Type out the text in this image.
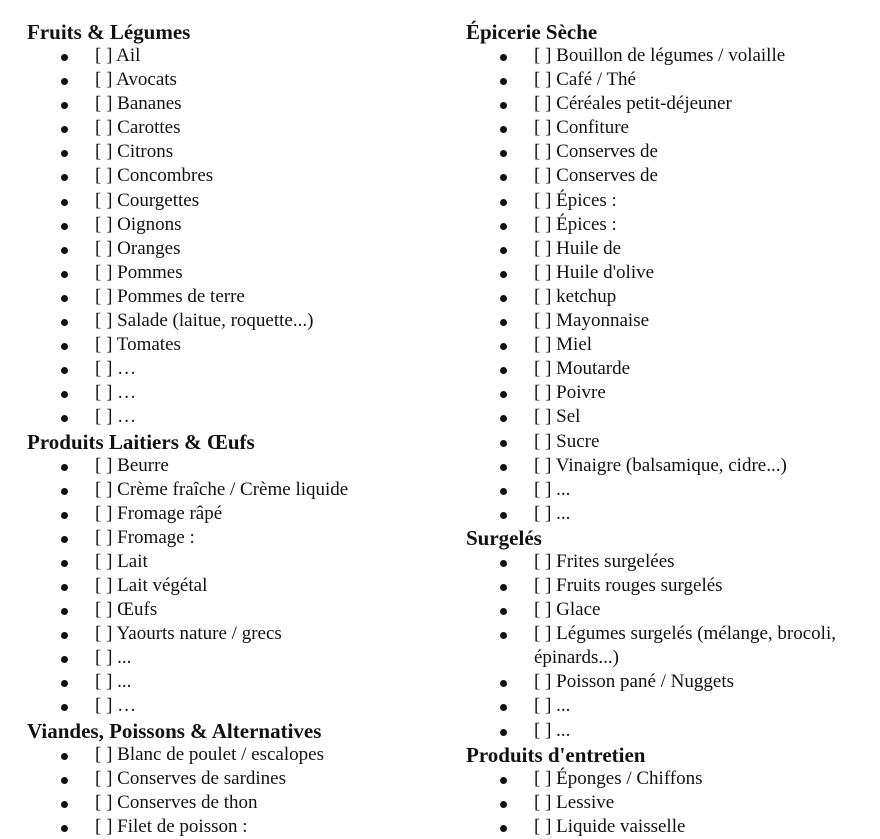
Fruits & Légumes
[ ] Ail
[ ] Avocats
[ ] Bananes
[ ] Carottes
[ ] Citrons
[ ] Concombres
[ ] Courgettes
[ ] Oignons
[ ] Oranges
[ ] Pommes
[ ] Pommes de terre
[ ] Salade (laitue, roquette...)
[ ] Tomates
[ ] …
[ ] …
[ ] …
Produits Laitiers & Œufs
[ ] Beurre
[ ] Crème fraîche / Crème liquide
[ ] Fromage râpé
[ ] Fromage :
[ ] Lait
[ ] Lait végétal
[ ] Œufs
[ ] Yaourts nature / grecs
[ ] ...
[ ] ...
[ ] …
Viandes, Poissons & Alternatives
[ ] Blanc de poulet / escalopes
[ ] Conserves de sardines
[ ] Conserves de thon
[ ] Filet de poisson :
Épicerie Sèche
[ ] Bouillon de légumes / volaille
[ ] Café / Thé
[ ] Céréales petit-déjeuner
[ ] Confiture
[ ] Conserves de
[ ] Conserves de
[ ] Épices :
[ ] Épices :
[ ] Huile de
[ ] Huile d'olive
[ ] ketchup
[ ] Mayonnaise
[ ] Miel
[ ] Moutarde
[ ] Poivre
[ ] Sel
[ ] Sucre
[ ] Vinaigre (balsamique, cidre...)
[ ] ...
[ ] ...
Surgelés
[ ] Frites surgelées
[ ] Fruits rouges surgelés
[ ] Glace
[ ] Légumes surgelés (mélange, brocoli, épinards...)
[ ] Poisson pané / Nuggets
[ ] ...
[ ] ...
Produits d'entretien
[ ] Éponges / Chiffons
[ ] Lessive
[ ] Liquide vaisselle
